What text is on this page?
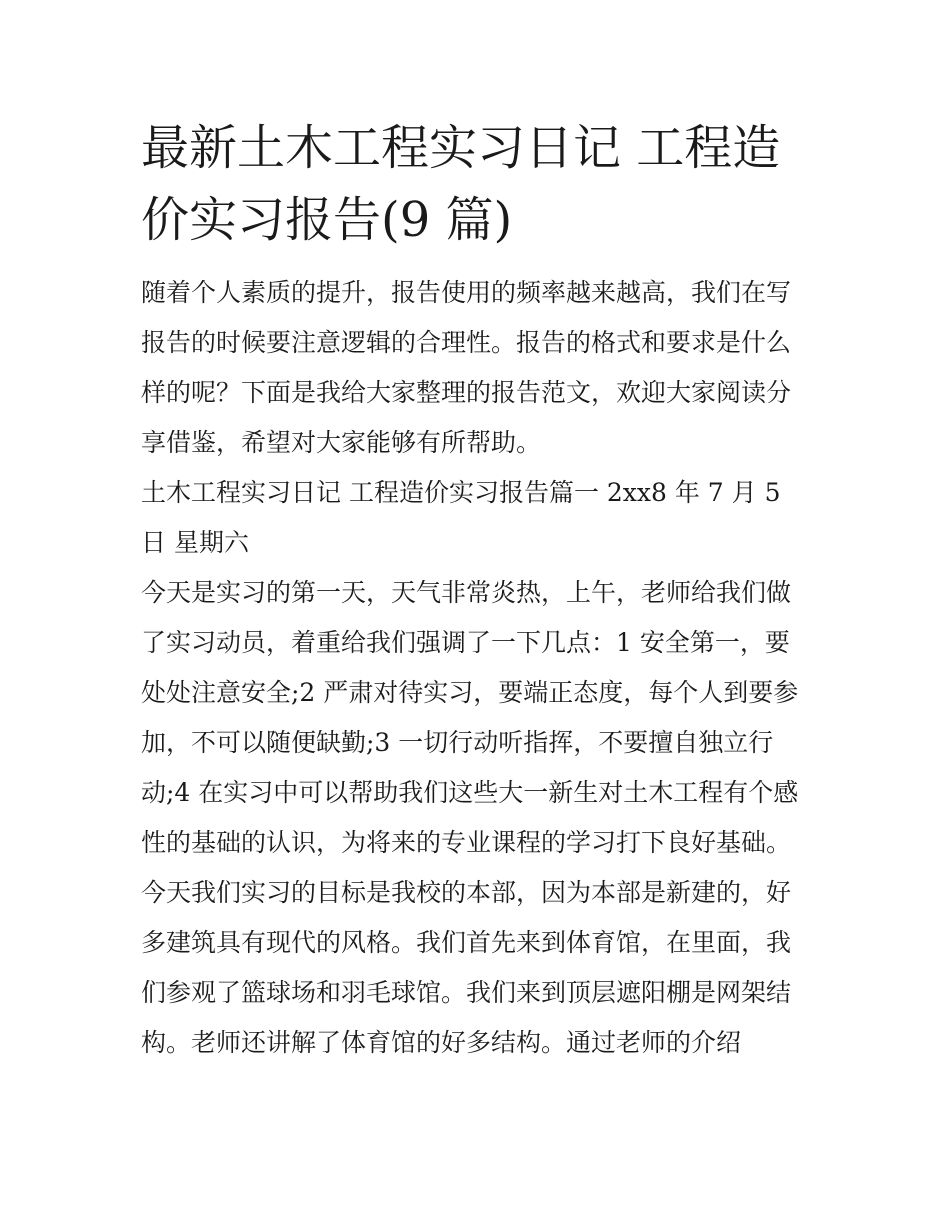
最新土木工程实习日记 工程造价实习报告(9 篇)

随着个人素质的提升，报告使用的频率越来越高，我们在写报告的时候要注意逻辑的合理性。报告的格式和要求是什么样的呢？下面是我给大家整理的报告范文，欢迎大家阅读分享借鉴，希望对大家能够有所帮助。

土木工程实习日记 工程造价实习报告篇一 2xx8 年 7 月 5 日 星期六

今天是实习的第一天，天气非常炎热，上午，老师给我们做了实习动员，着重给我们强调了一下几点：1 安全第一，要处处注意安全;2 严肃对待实习，要端正态度，每个人到要参加，不可以随便缺勤;3 一切行动听指挥，不要擅自独立行动;4 在实习中可以帮助我们这些大一新生对土木工程有个感性的基础的认识，为将来的专业课程的学习打下良好基础。

今天我们实习的目标是我校的本部，因为本部是新建的，好多建筑具有现代的风格。我们首先来到体育馆，在里面，我们参观了篮球场和羽毛球馆。我们来到顶层遮阳棚是网架结构。老师还讲解了体育馆的好多结构。通过老师的介绍
